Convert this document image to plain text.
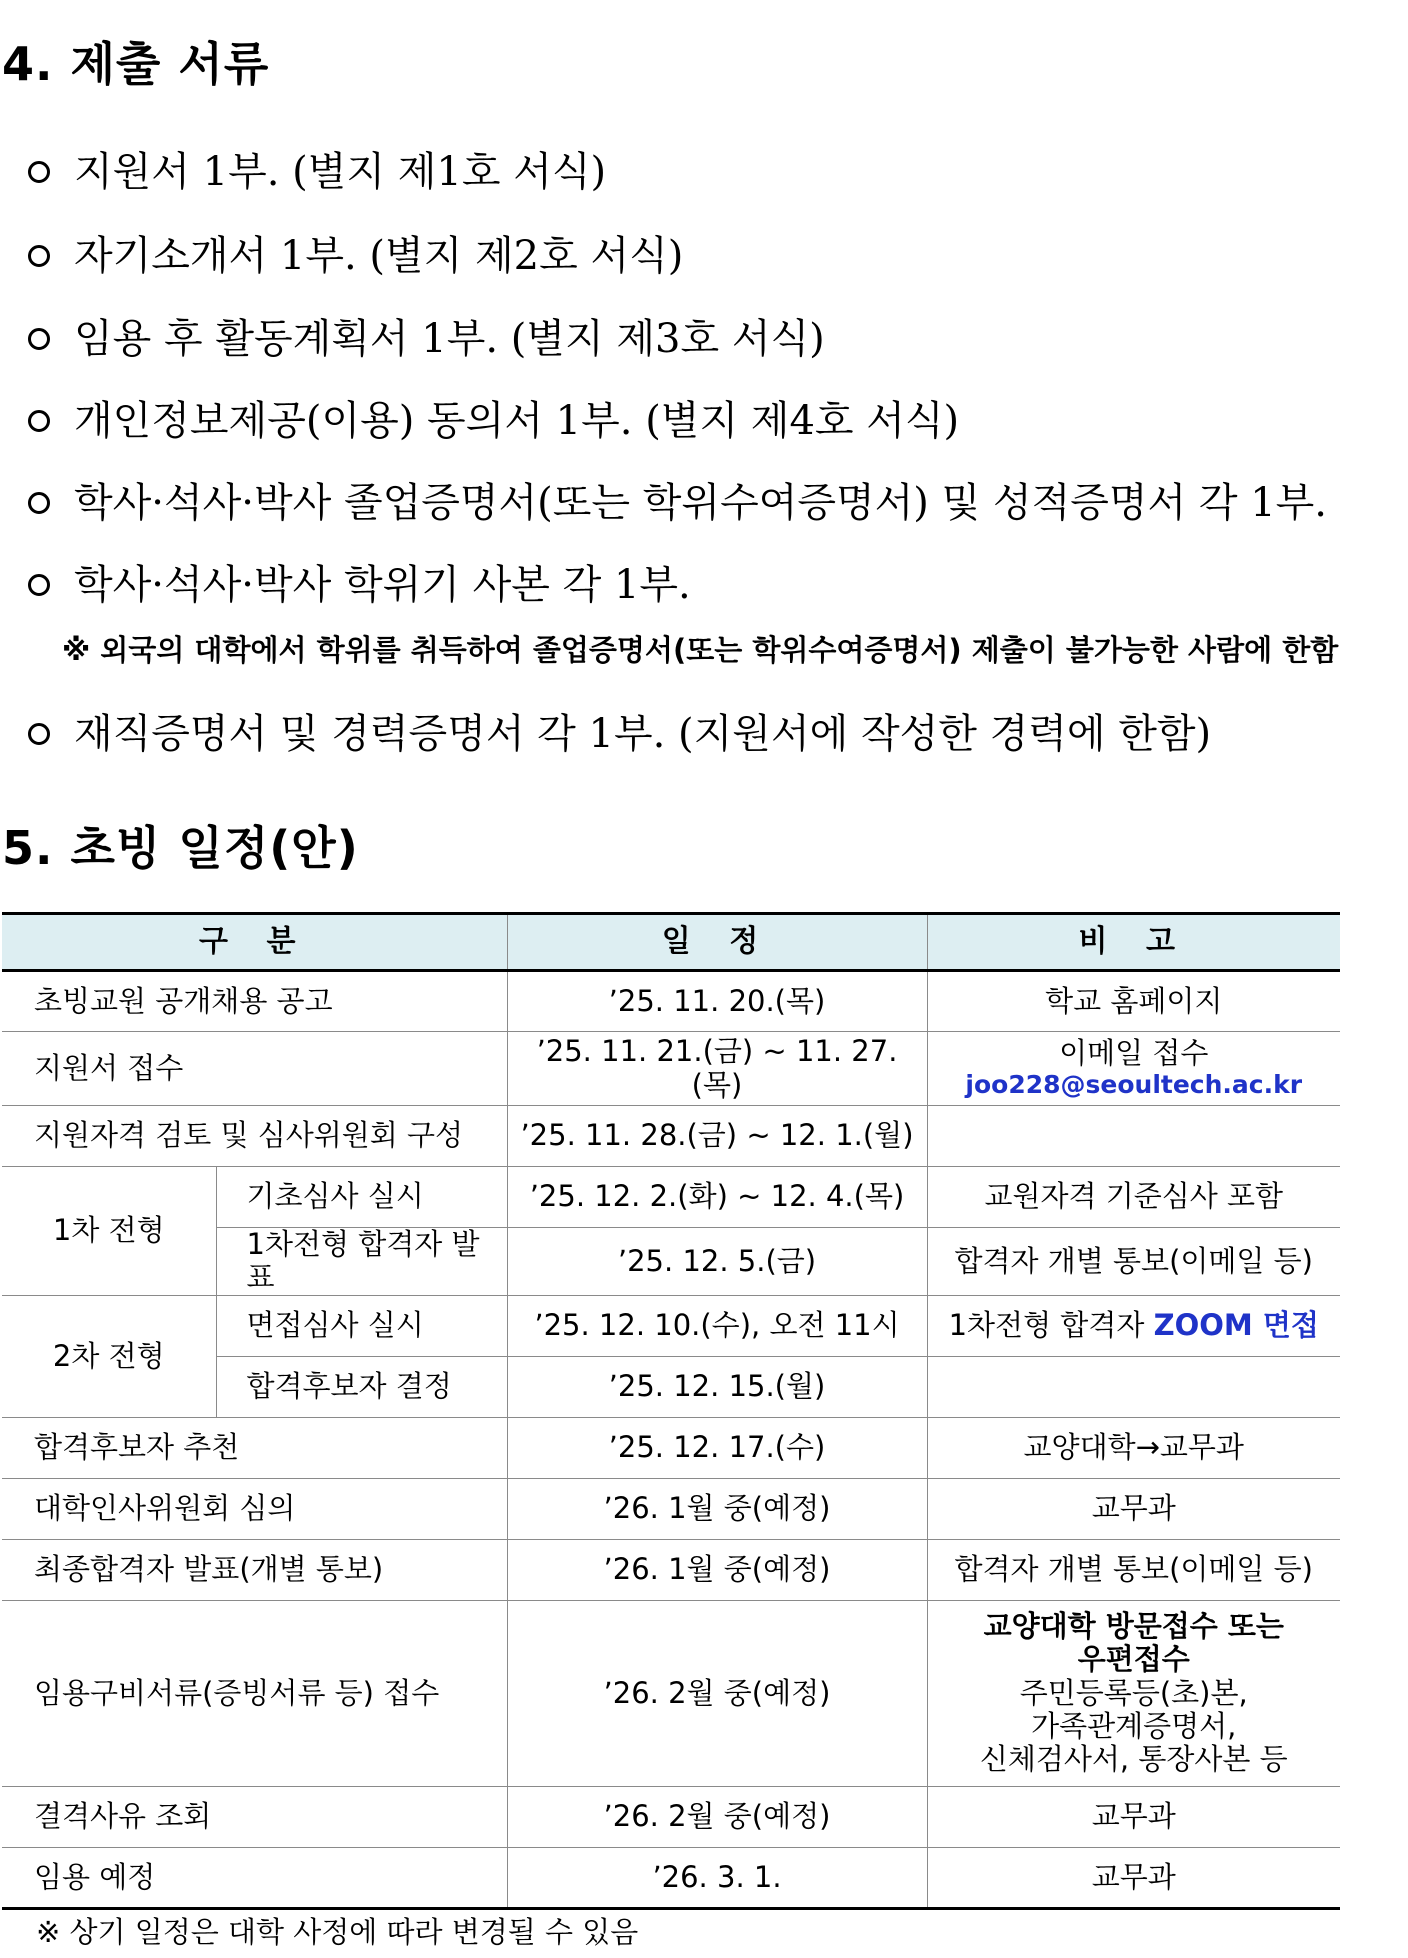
4. 제출 서류
지원서 1부. (별지 제1호 서식)
자기소개서 1부. (별지 제2호 서식)
임용 후 활동계획서 1부. (별지 제3호 서식)
개인정보제공(이용) 동의서 1부. (별지 제4호 서식)
학사·석사·박사 졸업증명서(또는 학위수여증명서) 및 성적증명서 각 1부.
학사·석사·박사 학위기 사본 각 1부.
※ 외국의 대학에서 학위를 취득하여 졸업증명서(또는 학위수여증명서) 제출이 불가능한 사람에 한함
재직증명서 및 경력증명서 각 1부. (지원서에 작성한 경력에 한함)
5. 초빙 일정(안)
구 분		일 정	비 고
초빙교원 공개채용 공고		’25. 11. 20.(목)	학교 홈페이지
지원서 접수		’25. 11. 21.(금) ~ 11. 27.(목)	이메일 접수
joo228@seoultech.ac.kr

지원자격 검토 및 심사위원회 구성		’25. 11. 28.(금) ~ 12. 1.(월)	
1차 전형	기초심사 실시	’25. 12. 2.(화) ~ 12. 4.(목)	교원자격 기준심사 포함
	1차전형 합격자 발표	’25. 12. 5.(금)	합격자 개별 통보(이메일 등)
2차 전형	면접심사 실시	’25. 12. 10.(수), 오전 11시	1차전형 합격자 ZOOM 면접
	합격후보자 결정	’25. 12. 15.(월)	
합격후보자 추천		’25. 12. 17.(수)	교양대학→교무과
대학인사위원회 심의		’26. 1월 중(예정)	교무과
최종합격자 발표(개별 통보)		’26. 1월 중(예정)	합격자 개별 통보(이메일 등)
임용구비서류(증빙서류 등) 접수		’26. 2월 중(예정)	교양대학 방문접수 또는
우편접수
주민등록등(초)본,
가족관계증명서,
신체검사서, 통장사본 등

결격사유 조회		’26. 2월 중(예정)	교무과
임용 예정		’26. 3. 1.	교무과
※ 상기 일정은 대학 사정에 따라 변경될 수 있음
